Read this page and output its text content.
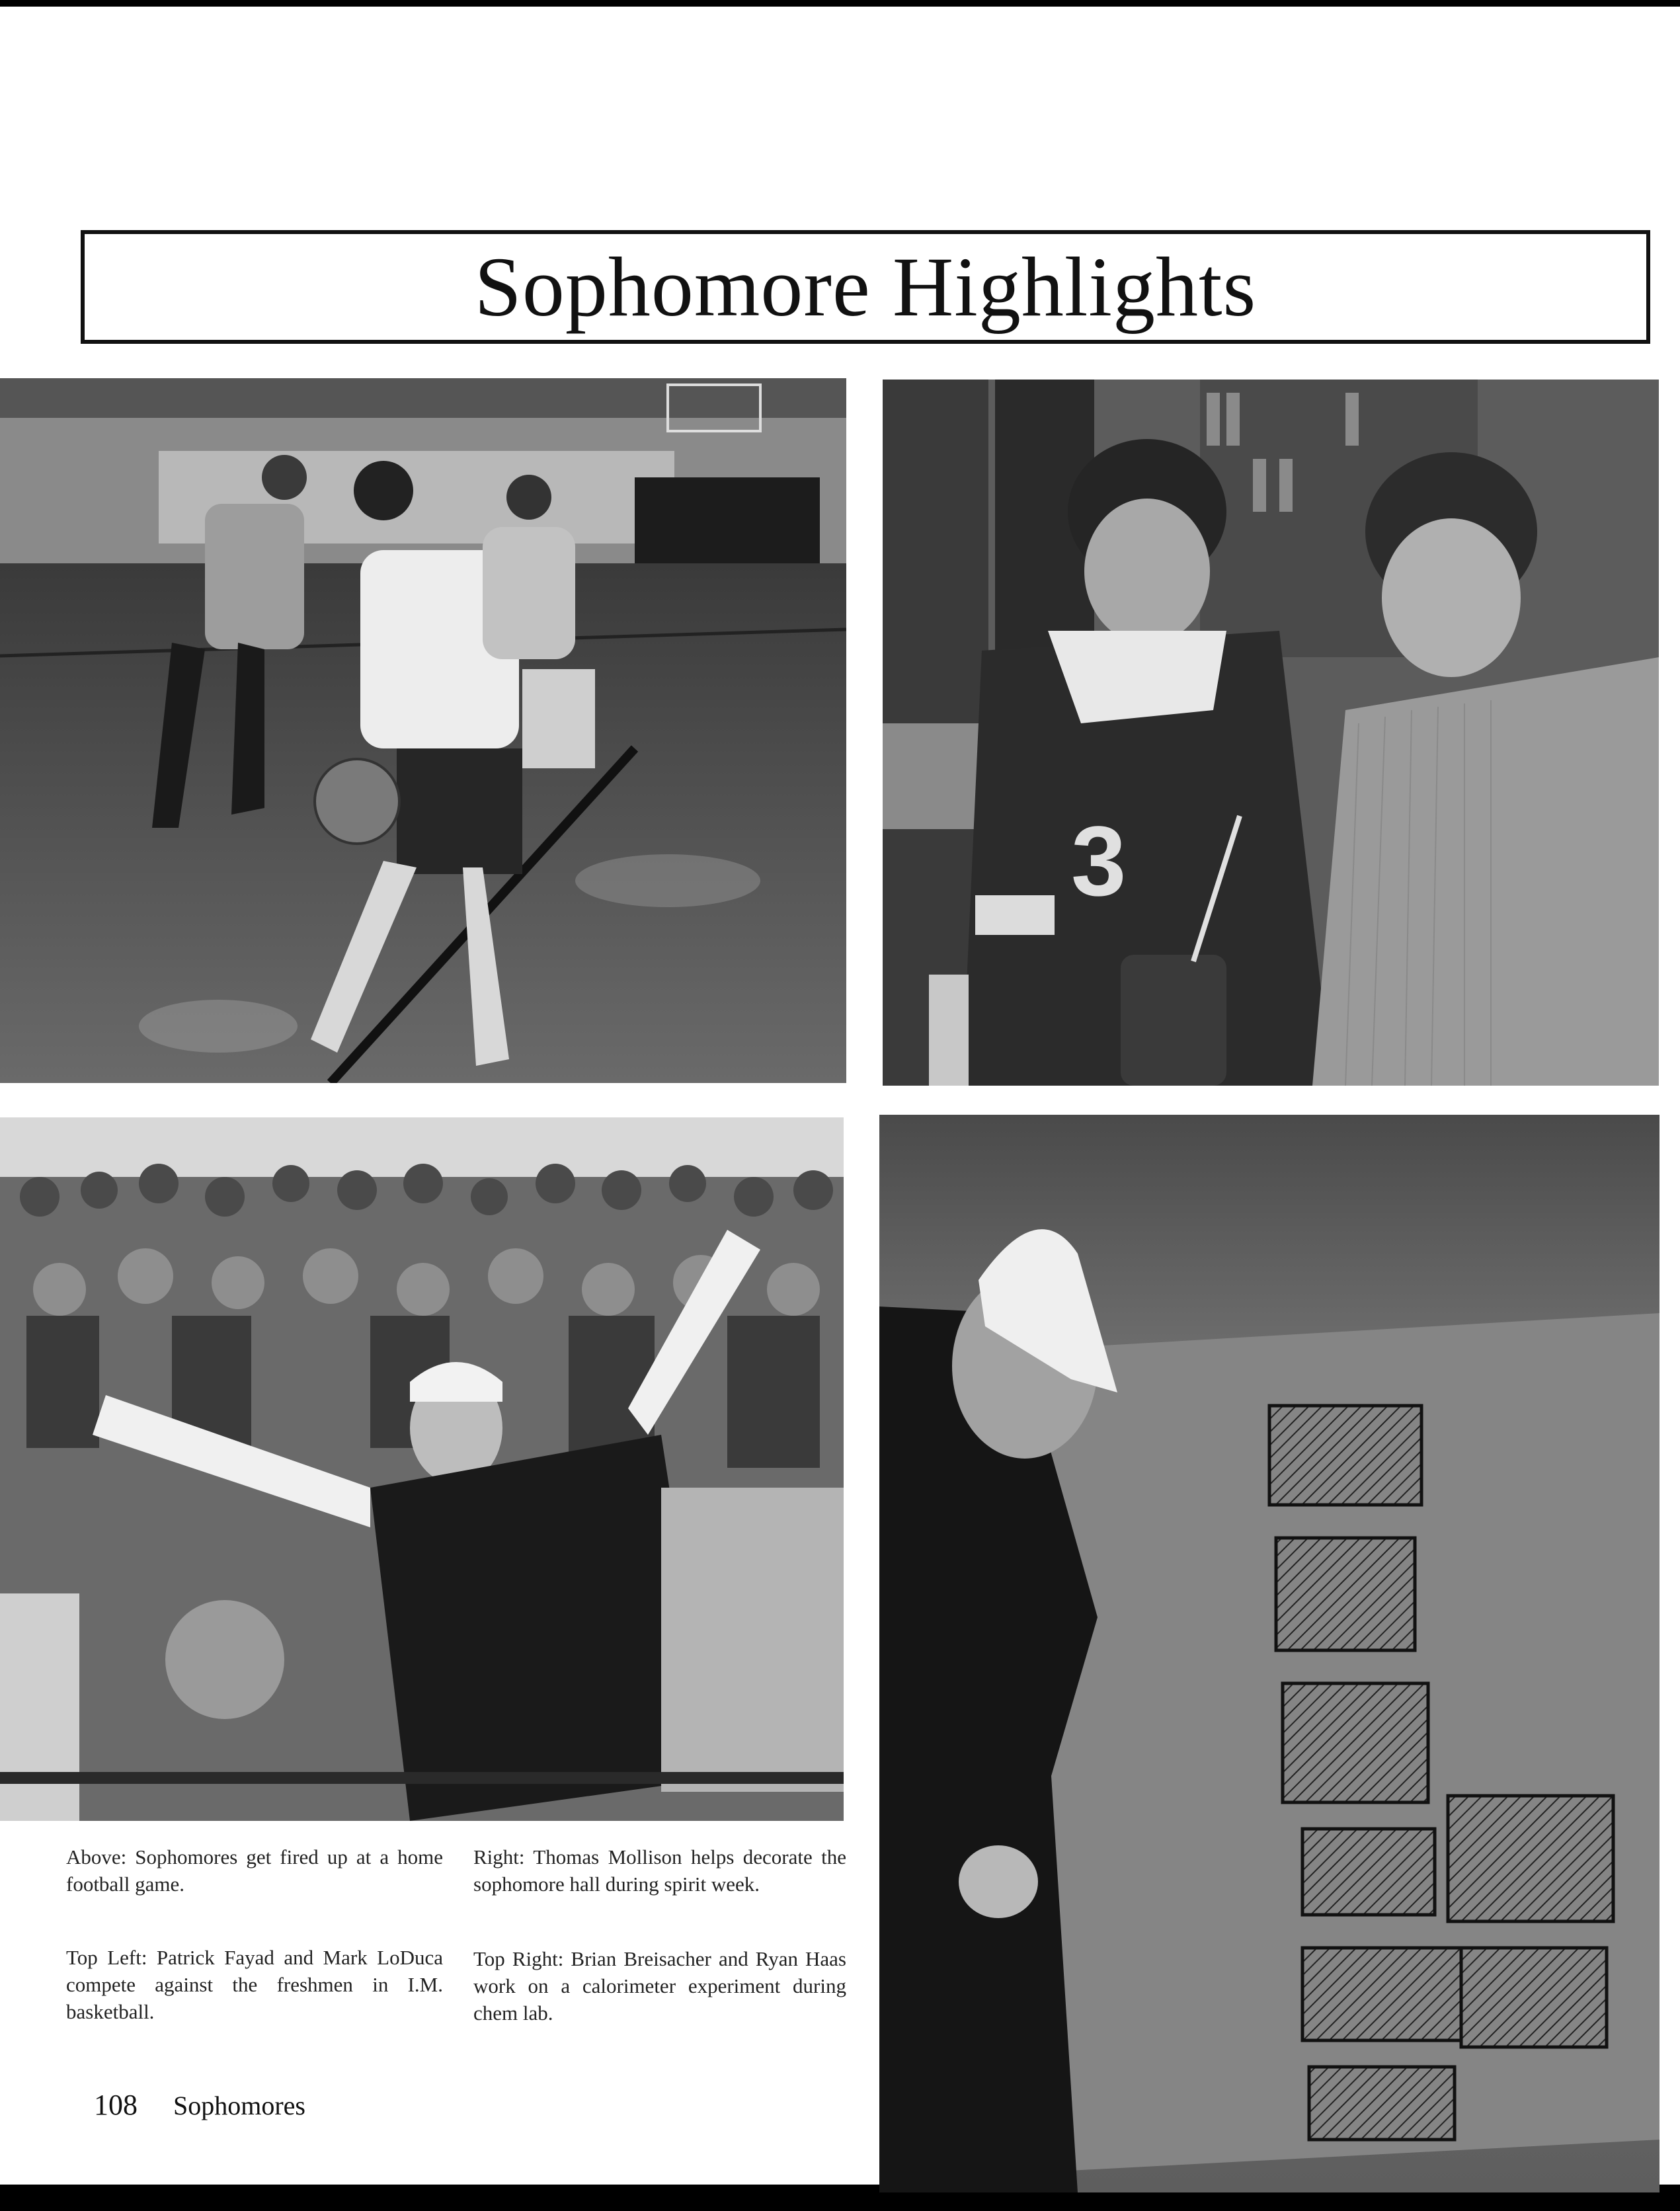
Sophomore Highlights
3
Above: Sophomores get fired up at a home football game.
Right: Thomas Mollison helps decorate the sophomore hall during spirit week.
Top Left: Patrick Fayad and Mark LoDuca compete against the freshmen in I.M. basketball.
Top Right: Brian Breisacher and Ryan Haas work on a calorimeter experiment during chem lab.
108 Sophomores
